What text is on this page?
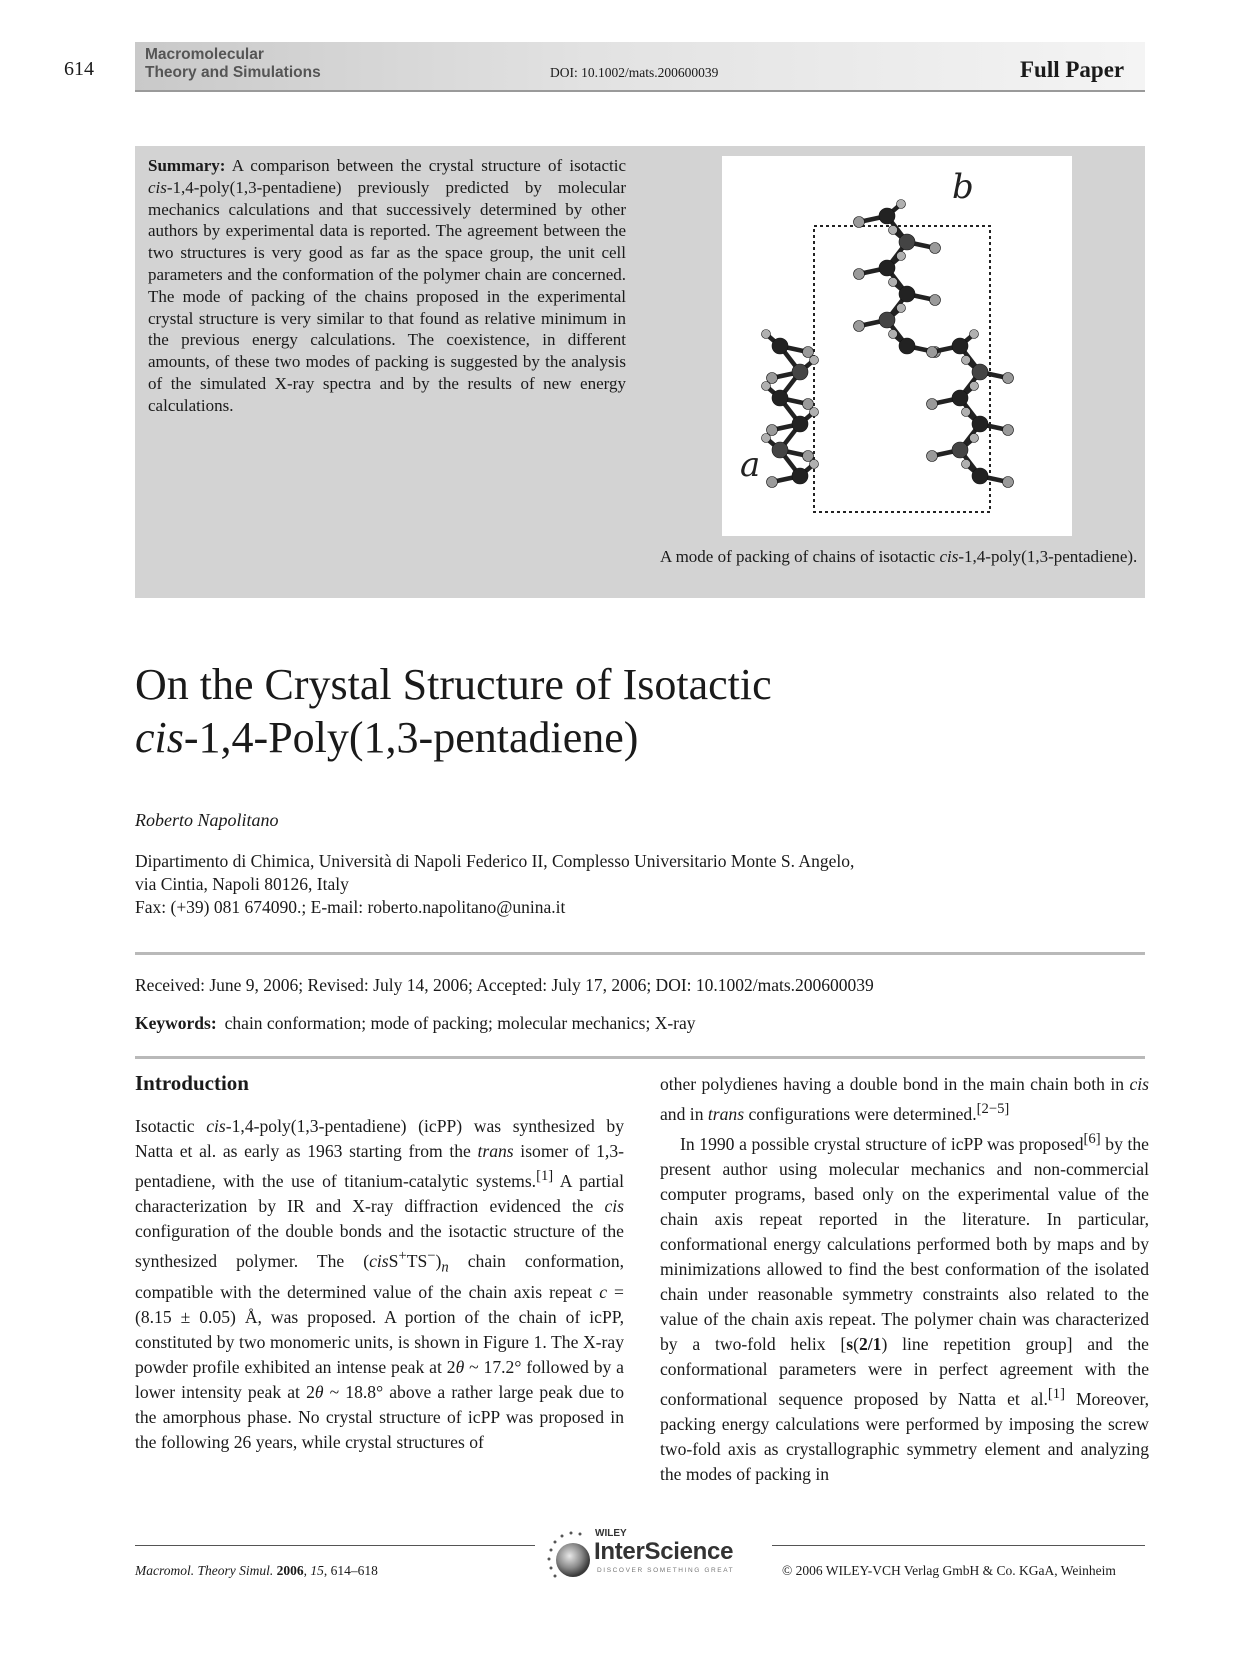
614
Macromolecular
Theory and Simulations	DOI: 10.1002/mats.200600039	Full Paper
Summary: A comparison between the crystal structure of isotactic cis-1,4-poly(1,3-pentadiene) previously predicted by molecular mechanics calculations and that successively determined by other authors by experimental data is reported. The agreement between the two structures is very good as far as the space group, the unit cell parameters and the conformation of the polymer chain are concerned. The mode of packing of the chains proposed in the experimental crystal structure is very similar to that found as relative minimum in the previous energy calculations. The coexistence, in different amounts, of these two modes of packing is suggested by the analysis of the simulated X-ray spectra and by the results of new energy calculations.
b
a
A mode of packing of chains of isotactic cis-1,4-poly(1,3-pentadiene).
On the Crystal Structure of Isotactic
cis-1,4-Poly(1,3-pentadiene)
Roberto Napolitano
Dipartimento di Chimica, Università di Napoli Federico II, Complesso Universitario Monte S. Angelo,
via Cintia, Napoli 80126, Italy
Fax: (+39) 081 674090.; E-mail: roberto.napolitano@unina.it
Received: June 9, 2006; Revised: July 14, 2006; Accepted: July 17, 2006; DOI: 10.1002/mats.200600039
Keywords: chain conformation; mode of packing; molecular mechanics; X-ray
Introduction

Isotactic cis-1,4-poly(1,3-pentadiene) (icPP) was synthesized by Natta et al. as early as 1963 starting from the trans isomer of 1,3-pentadiene, with the use of titanium-catalytic systems.[1] A partial characterization by IR and X-ray diffraction evidenced the cis configuration of the double bonds and the isotactic structure of the synthesized polymer. The $(cisS^+TS^-)_n$ chain conformation, compatible with the determined value of the chain axis repeat c = (8.15 ± 0.05) Å, was proposed. A portion of the chain of icPP, constituted by two monomeric units, is shown in Figure 1. The X-ray powder profile exhibited an intense peak at 2θ ~ 17.2° followed by a lower intensity peak at 2θ ~ 18.8° above a rather large peak due to the amorphous phase. No crystal structure of icPP was proposed in the following 26 years, while crystal structures of

other polydienes having a double bond in the main chain both in cis and in trans configurations were determined.[2−5]

In 1990 a possible crystal structure of icPP was proposed[6] by the present author using molecular mechanics and non-commercial computer programs, based only on the experimental value of the chain axis repeat reported in the literature. In particular, conformational energy calculations performed both by maps and by minimizations allowed to find the best conformation of the isolated chain under reasonable symmetry constraints also related to the value of the chain axis repeat. The polymer chain was characterized by a two-fold helix [s(2/1) line repetition group] and the conformational parameters were in perfect agreement with the conformational sequence proposed by Natta et al.[1] Moreover, packing energy calculations were performed by imposing the screw two-fold axis as crystallographic symmetry element and analyzing the modes of packing in

Macromol. Theory Simul. 2006, 15, 614–618
WILEY
InterScience
DISCOVER SOMETHING GREAT	© 2006 WILEY-VCH Verlag GmbH & Co. KGaA, Weinheim
